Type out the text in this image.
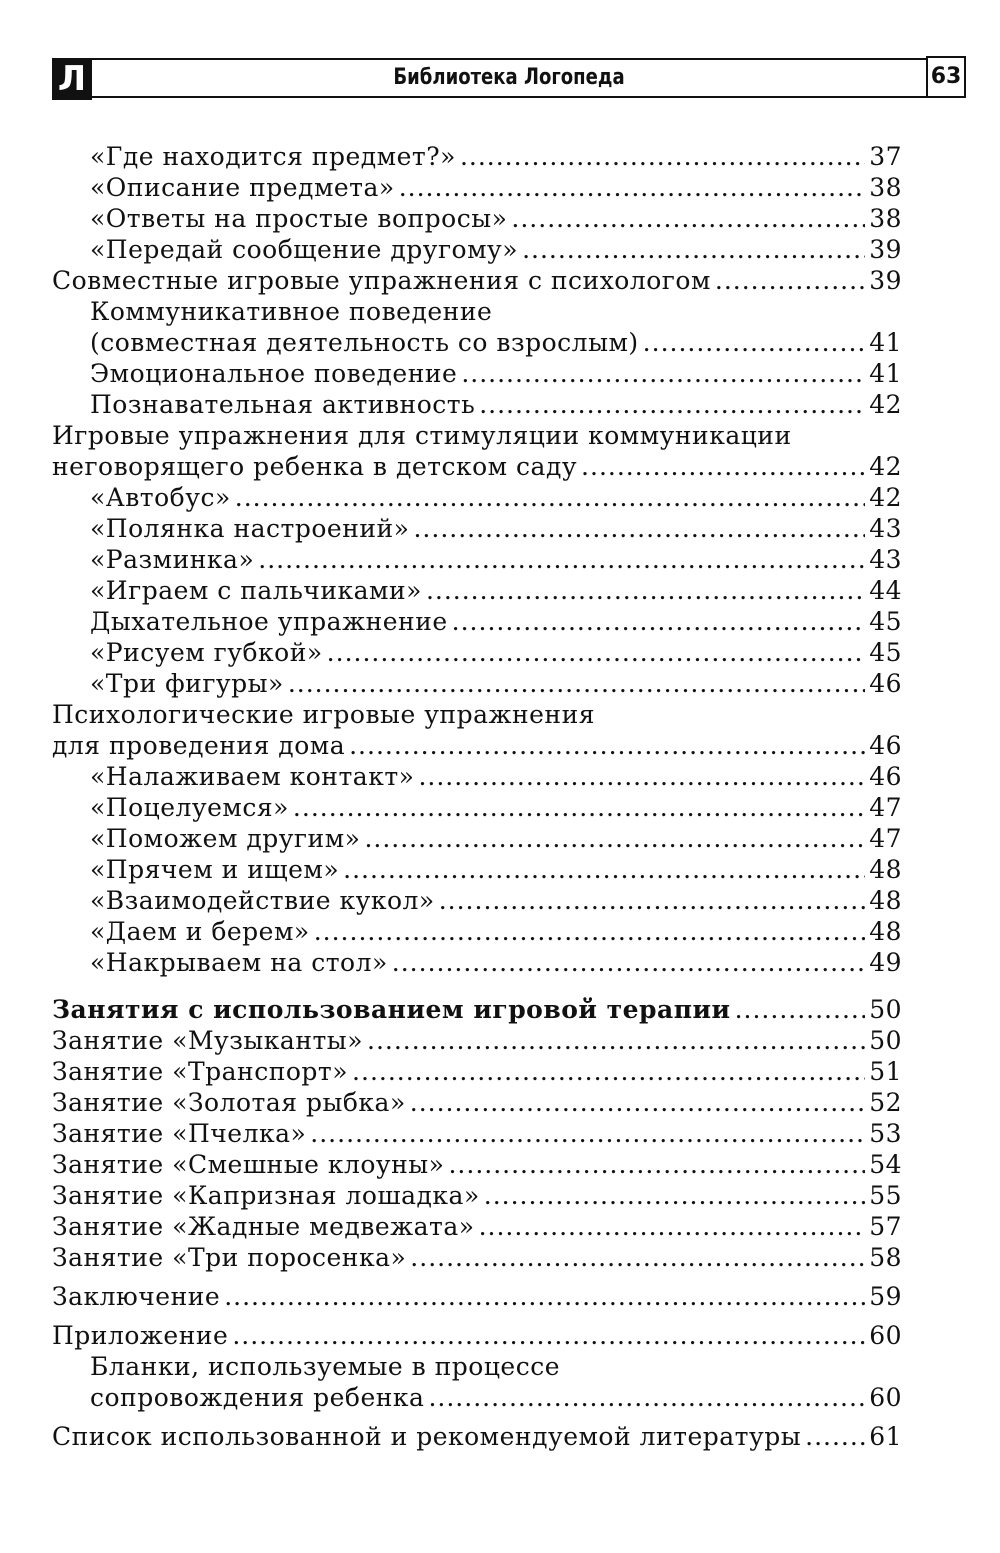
Л	Библиотека Логопеда	63
«Где находится предмет?» .....	37
«Описание предмета» .....	38
«Ответы на простые вопросы» .....	38
«Передай сообщение другому» .....	39
Совместные игровые упражнения с психологом .....	39
Коммуникативное поведение
(совместная деятельность со взрослым) .....	41
Эмоциональное поведение .....	41
Познавательная активность .....	42
Игровые упражнения для стимуляции коммуникации
неговорящего ребенка в детском саду .....	42
«Автобус» .....	42
«Полянка настроений» .....	43
«Разминка» .....	43
«Играем с пальчиками» .....	44
Дыхательное упражнение .....	45
«Рисуем губкой» .....	45
«Три фигуры» .....	46
Психологические игровые упражнения
для проведения дома .....	46
«Налаживаем контакт» .....	46
«Поцелуемся» .....	47
«Поможем другим» .....	47
«Прячем и ищем» .....	48
«Взаимодействие кукол» .....	48
«Даем и берем» .....	48
«Накрываем на стол» .....	49
Занятия с использованием игровой терапии .....	50
Занятие «Музыканты» .....	50
Занятие «Транспорт» .....	51
Занятие «Золотая рыбка» .....	52
Занятие «Пчелка» .....	53
Занятие «Смешные клоуны» .....	54
Занятие «Капризная лошадка» .....	55
Занятие «Жадные медвежата» .....	57
Занятие «Три поросенка» .....	58
Заключение .....	59
Приложение .....	60
Бланки, используемые в процессе
сопровождения ребенка .....	60
Список использованной и рекомендуемой литературы .....	61
